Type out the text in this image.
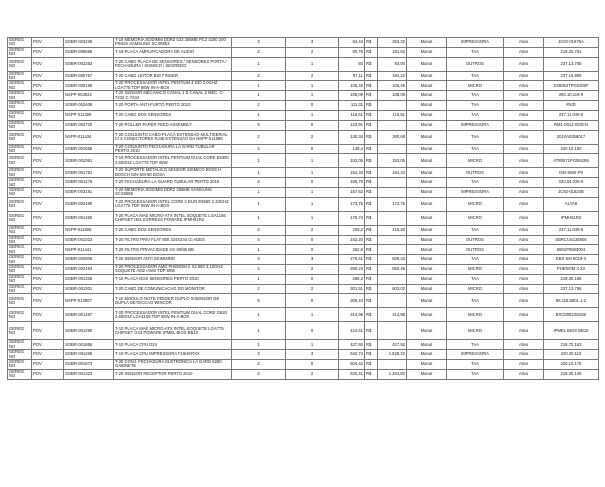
GEREG NO	POV	SOBR-003236	T-19 MEMORIA SODIMM DDR2 533 256MB PC2 4200 200 PINOS SAMSUNG SCX8853	3	3	84,44	R$	253,32	Manut	IMPRESSORA	Ativo	JC92-01975A
GEREG NO	POV	SOBR-006586	T-19 PLACA AMPLIFICADORA DE AUDIO	2	2	90,76	R$	181,52	Manut	TAA	Ativo	219.25.761
GEREG NO	POV	SOBR-002283	T-20 CABO PLACA DE SENSORES / SENSORES PORTA / FECHADURA / SISMICO / SEGREDO	1	1	93	R$	93,00	Manut	OUTROS	Ativo	237.13.706
GEREG NO	POV	SOBR-005767	T-20 CABO LEITOR BIO FINGER	2	2	97,11	R$	194,22	Manut	TAA	Ativo	237.16.906
GEREG NO	POV	SOBR-000159	T-20 PROCESSADOR INTEL PENTIUM 4 630 3.0GHZ LGA775 TDP 86W IN-A-BOX	1	1	106,45	R$	106,45	Manut	MICRO	Ativo	SX6054TPG0300F
GEREG NO	POV	NSPP-003822	T-20 SENSOR MECANICO CANAL 1 E CANAL 2 MEC. C-7232 C-7244	1	1	108,09	R$	108,09	Manut	TAA	Ativo	280.10.118-9
GEREG NO	POV	SOBR-002408	T-20 PORTA ANTI-FURTO PERTO 2010	2	0	111,31	R$		Manut	TAA	Ativo	#N/D
GEREG NO	POV	NSPP-011306	T-20 CABO DOS SENSORES	1	1	118,51	R$	118,51	Manut	TAA	Ativo	237.11.049-0
GEREG NO	POV	SOBR-002720	T-20 ROLLER PAPER FEED ASSEMBLY	9	0	123,91	R$		Manut	IMPRESSORA	Ativo	RM1-0012-020CN
GEREG NO	POV	NSPP-011434	T-20 CONJUNTO CABO PLACA EXTENSAO MULTISERIAL CI 5 CONECTORES RJ45 EXTENSAO DA NSPP-011689	2	2	130,34	R$	260,68	Manut	TAA	Ativo	2010A0266017
GEREG NO	POV	SOBR-001655	T-20 CONJUNTO FECHADURA LA GARD TUBULAR PERTO 2010	2	0	148,4	R$		Manut	TAA	Ativo	220.10.150
GEREG NO	POV	SOBR-001061	T-19 PROCESSADOR INTEL PENTIUM DUAL CORE E5300 2,60GHZ LGA775 TDP 65W	1	1	153,05	R$	153,05	Manut	MICRO	Ativo	AT80571PG0642M
GEREG NO	POV	SOBR-001781	T-20 SUPORTE METALICO SENSOR SISMICO BOSCH BOSCH ISN-SM-50 DOSA	1	1	154,34	R$	154,34	Manut	OUTROS	Ativo	ISN-SMK-P0
GEREG NO	POV	SOBR-001276	T-20 FECHADURA LA GUARD TUBULAR PERTO 2010	4	0	166,70	R$		Manut	TAA	Ativo	020.84.025-0
GEREG NO	POV	SOBR-003191	T-20 MEMORIA SODIMM DDR2 256MB SAMSUNG SCX6555	1	1	167,62	R$		Manut	IMPRESSORA	Ativo	JC92-01624B
GEREG NO	POV	SOBR-002480	T-20 PROCESSADOR INTEL CORE 2 DUO E6550 2,33GHZ LGA775 TDP 65W IN-A-BOX	1	1	173,75	R$	173,75	Manut	MICRO	Ativo	ALTA8
GEREG NO	POV	SOBR-001460	T-20 PLACA MAE MICRO-ATX INTEL SOQUETE LGA1156 CHIPSET H61 EXPRESS POWARE IPMH61R2	1	1	175,74	R$		Manut	MICRO	Ativo	IPMH61R2
GEREG NO	POV	NSPP-011505	T-20 CABO DOS SENSORES	2	2	209,2	R$	418,40	Manut	TAA	Ativo	237.11.049-5
GEREG NO	POV	SOBR-001023	T-20 FILTRO PRIV FLAT 800 324X244 CI ADES	4	0	242,20	R$		Manut	OUTROS	Ativo	SBRCUS136605
GEREG NO	POV	NSPP-011441	T-20 FILTRO PRIVACIDADE HV 60/86 BB	1	0	262,6	R$		Manut	OUTROS	Ativo	5801P0683004
GEREG NO	POV	SOBR-002806	T-20 SENSOR ANTI SKIMMING	3	3	276,41	R$	829,23	Manut	TAA	Ativo	EBX SM 6019-3
GEREG NO	POV	SOBR-002493	T-20 PROCESSADOR AMD PHENOM II X2 560 3,10GHZ SOQUETE AM2 /AM3 TDP 80W	2	2	280,23	R$	560,46	Manut	MICRO	Ativo	PHENOM II X2
GEREG NO	POV	SOBR-001328	T-10 PLACA DOS SENSORES PERTO 2010	1	0	288,2	R$		Manut	TAA	Ativo	219.30.165
GEREG NO	POV	SOBR-001301	T-20 CABO DE COMUNICACAO DO MONITOR	2	2	301,51	R$	603,02	Manut	MICRO	Ativo	237.13.766
GEREG NO	POV	NSPP-013807	T-10 MODULO NOTE FEEDER DUPLO SISENSOR DE DUPLA DETECCAO WINCOR	6	0	308,44	R$		Manut	TAA	Ativo	86.115.5801.1-2
GEREG NO	POV	SOBR-001487	T-20 PROCESSADOR INTEL PENTIUM DUAL CORE G620 2,60GHZ LGA1155 TDP 65W IN-A-BOX	1	1	314,98	R$	314,98	Manut	MICRO	Ativo	BXC80623G620
GEREG NO	POV	SOBR-001280	T-10 PLACA MAE MICRO-ATX INTEL SOQUETE LGA775 CHIPSET G43 POWARE IPMEL BIOS BB10	1	0	424,61	R$		Manut	MICRO	Ativo	IPMEL BIOS BB10
GEREG NO	POV	SOBR-001856	T-10 PLACA CPU D24	1	1	427,92	R$	427,92	Manut	TAA	Ativo	219.70.163
GEREG NO	POV	SOBR-001269	T-10 PLACA CPU IMPRESSORA F15HERXX	3	3	542,74	R$	1.628,22	Manut	IMPRESSORA	Ativo	220.20.110
GEREG NO	POV	SOBR-001673	T-20 CONJ. FECHADURA ELETRONICA LA GARD 6280 GABINETE	2	0	604,42	R$		Manut	TAA	Ativo	220.10.175
GEREG NO	POV	SOBR-001323	T-20 SENSOR RECEPTOR PERTO 2010	2	2	632,41	R$	1.264,82	Manut	TAA	Ativo	219.30.145
